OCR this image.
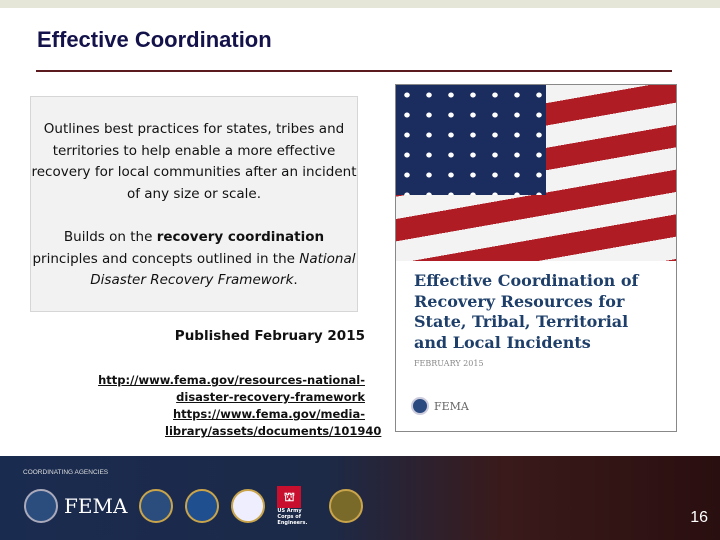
Effective Coordination

Outlines best practices for states, tribes and territories to help enable a more effective recovery for local communities after an incident of any size or scale.

Builds on the recovery coordination principles and concepts outlined in the National Disaster Recovery Framework.

Published February 2015
http://www.fema.gov/resources-national-disaster-recovery-framework
https://www.fema.gov/media-library/assets/documents/101940
Effective Coordination of Recovery Resources for State, Tribal, Territorial and Local Incidents
FEBRUARY 2015
FEMA
COORDINATING AGENCIES
FEMA	⛫
US Army Corps of Engineers.	16
